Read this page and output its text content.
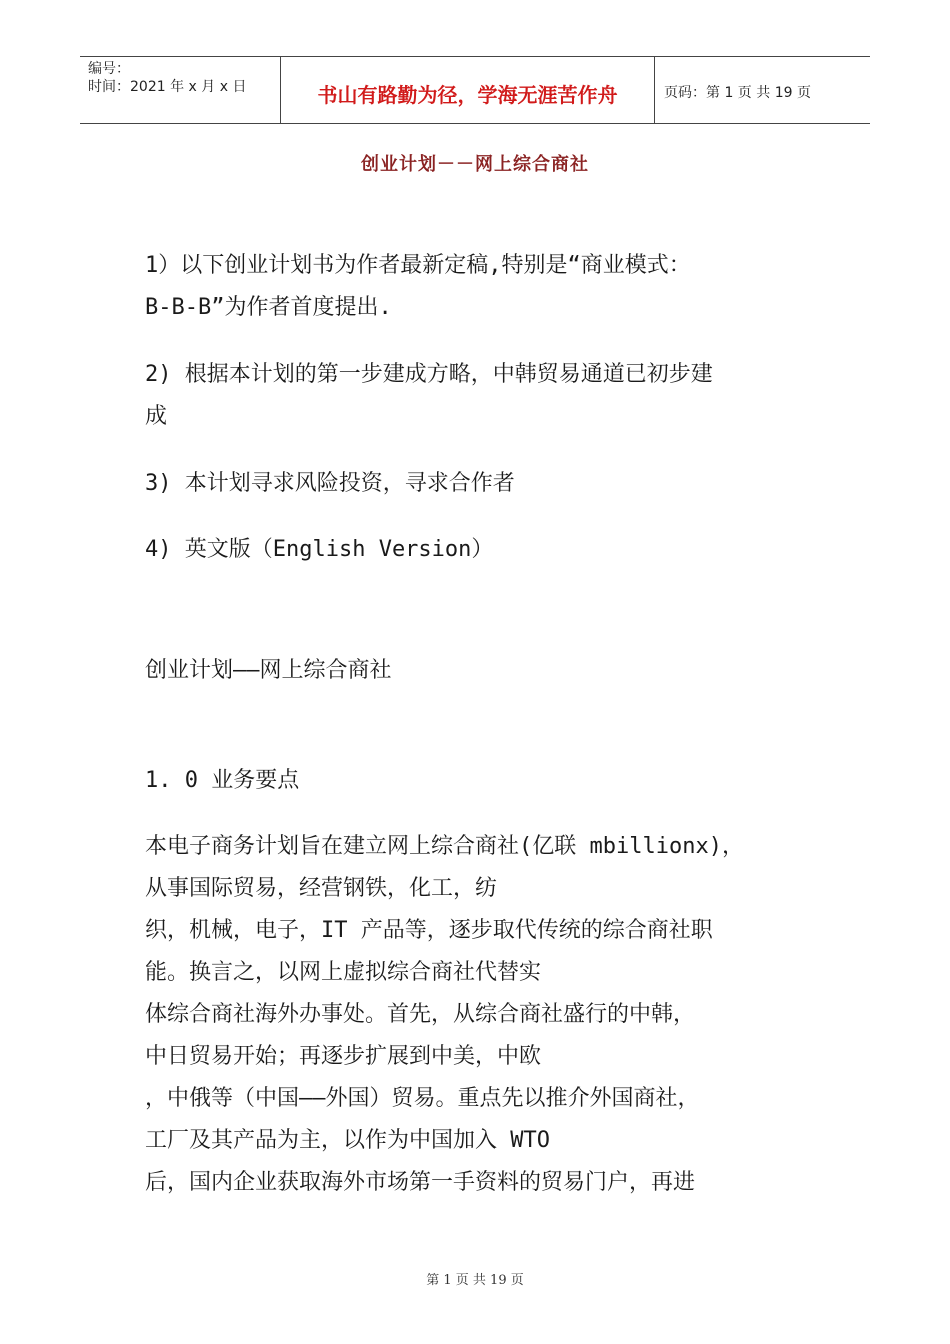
编号：
时间：2021 年 x 月 x 日	书山有路勤为径，学海无涯苦作舟	页码：第 1 页 共 19 页
创业计划－－网上综合商社
1）以下创业计划书为作者最新定稿,特别是“商业模式：
B-B-B”为作者首度提出.
2) 根据本计划的第一步建成方略，中韩贸易通道已初步建
成
3) 本计划寻求风险投资，寻求合作者
4) 英文版（English Version）
创业计划——网上综合商社
1. 0 业务要点
本电子商务计划旨在建立网上综合商社(亿联 mbillionx)，
从事国际贸易，经营钢铁，化工，纺
织，机械，电子，IT 产品等，逐步取代传统的综合商社职
能。换言之，以网上虚拟综合商社代替实
体综合商社海外办事处。首先，从综合商社盛行的中韩，
中日贸易开始；再逐步扩展到中美，中欧
，中俄等（中国——外国）贸易。重点先以推介外国商社，
工厂及其产品为主，以作为中国加入 WTO
后，国内企业获取海外市场第一手资料的贸易门户，再进
第 1 页 共 19 页
